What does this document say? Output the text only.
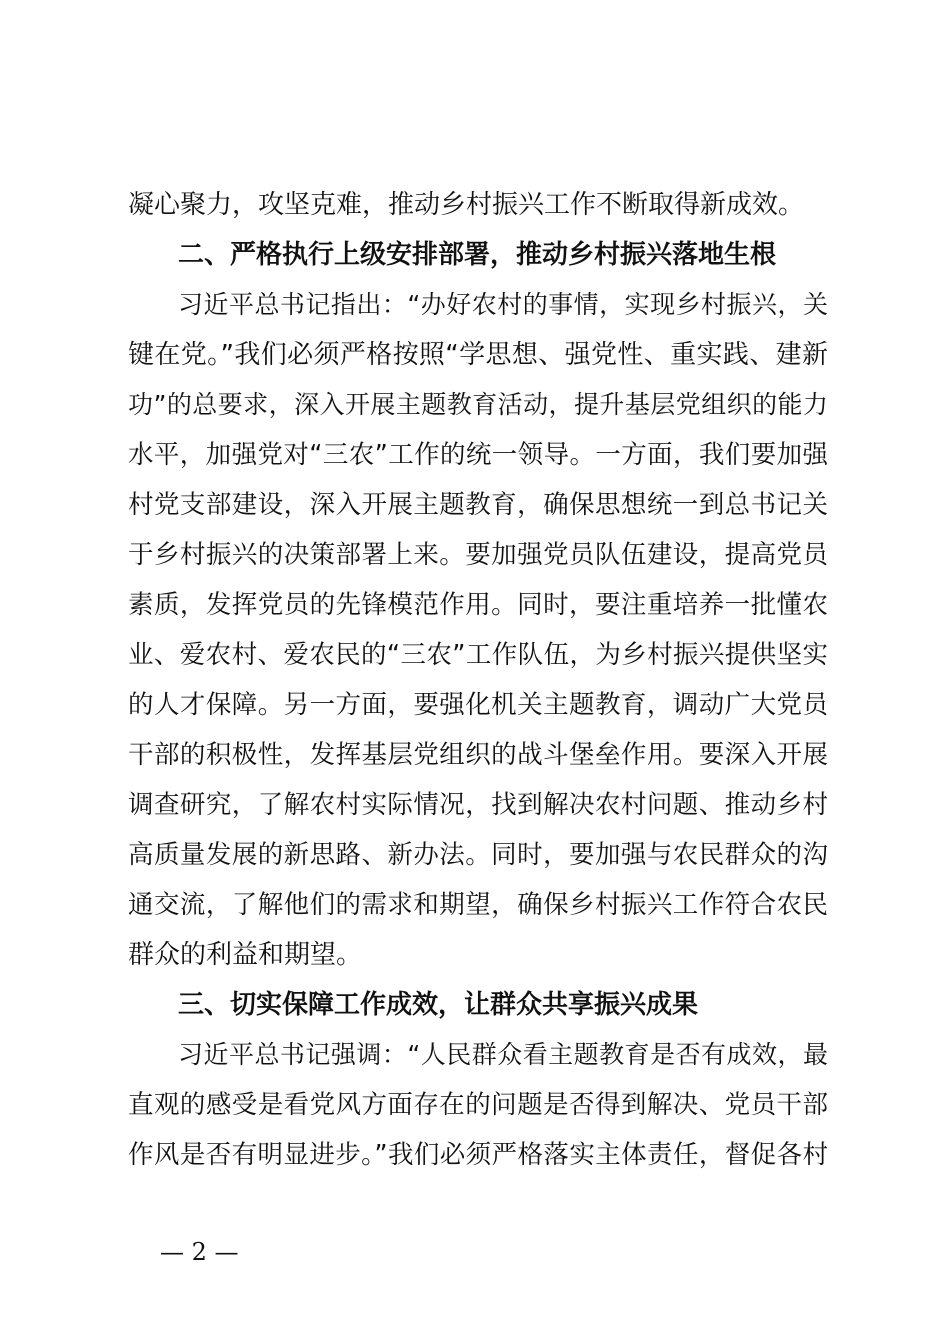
凝心聚力，攻坚克难，推动乡村振兴工作不断取得新成效。
二、严格执行上级安排部署，推动乡村振兴落地生根
习近平总书记指出：“办好农村的事情，实现乡村振兴，关
键在党。”我们必须严格按照“学思想、强党性、重实践、建新
功”的总要求，深入开展主题教育活动，提升基层党组织的能力
水平，加强党对“三农”工作的统一领导。一方面，我们要加强
村党支部建设，深入开展主题教育，确保思想统一到总书记关
于乡村振兴的决策部署上来。要加强党员队伍建设，提高党员
素质，发挥党员的先锋模范作用。同时，要注重培养一批懂农
业、爱农村、爱农民的“三农”工作队伍，为乡村振兴提供坚实
的人才保障。另一方面，要强化机关主题教育，调动广大党员
干部的积极性，发挥基层党组织的战斗堡垒作用。要深入开展
调查研究，了解农村实际情况，找到解决农村问题、推动乡村
高质量发展的新思路、新办法。同时，要加强与农民群众的沟
通交流，了解他们的需求和期望，确保乡村振兴工作符合农民
群众的利益和期望。
三、切实保障工作成效，让群众共享振兴成果
习近平总书记强调：“人民群众看主题教育是否有成效，最
直观的感受是看党风方面存在的问题是否得到解决、党员干部
作风是否有明显进步。”我们必须严格落实主体责任，督促各村
— 2 —
